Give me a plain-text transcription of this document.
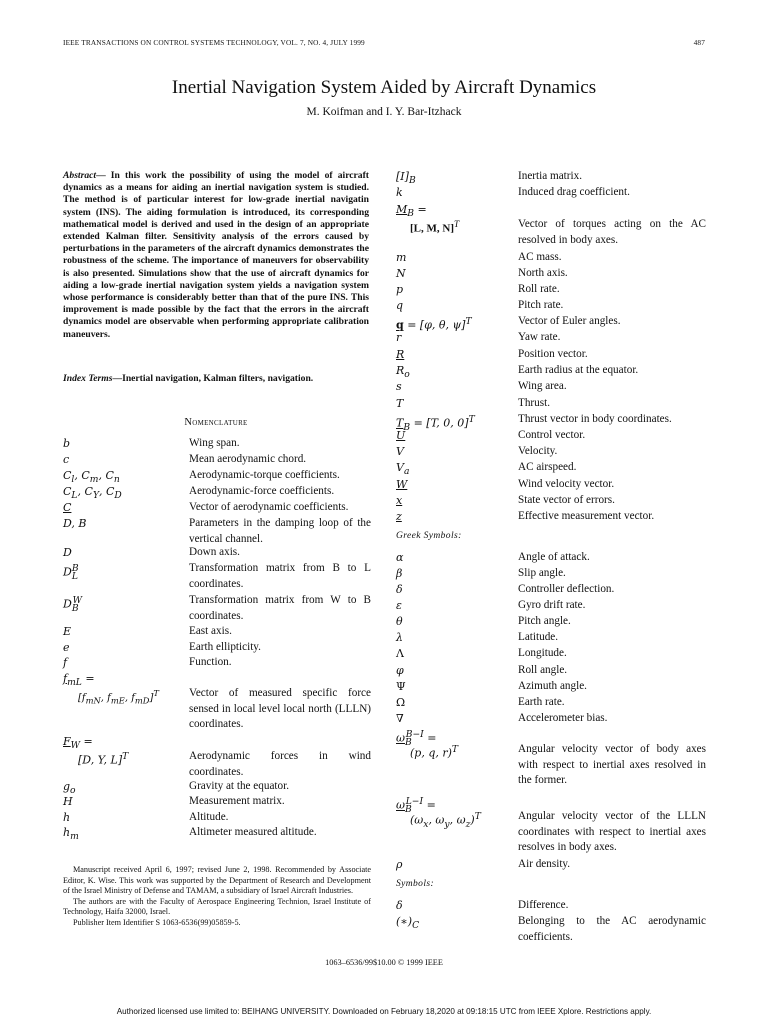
IEEE TRANSACTIONS ON CONTROL SYSTEMS TECHNOLOGY, VOL. 7, NO. 4, JULY 1999	487
Inertial Navigation System Aided by Aircraft Dynamics
M. Koifman and I. Y. Bar-Itzhack
Abstract— In this work the possibility of using the model of aircraft dynamics as a means for aiding an inertial navigation system is studied. The method is of particular interest for low-grade inertial navigatin system (INS). The aiding formulation is introduced, its corresponding mathematical model is derived and used in the design of an appropriate extended Kalman filter. Sensitivity analysis of the errors caused by perturbations in the parameters of the aircraft dynamics demonstrates the robustness of the scheme. The importance of maneuvers for observability is also presented. Simulations show that the use of aircraft dynamics for aiding a low-grade inertial navigation system yields a navigation system whose performance is considerably better than that of the pure INS. This improvement is made possible by the fact that the errors in the aircraft dynamics model are observable when performing appropriate calibration maneuvers.
Index Terms—Inertial navigation, Kalman filters, navigation.
Nomenclature
b	Wing span.
c	Mean aerodynamic chord.
$C_l$, $C_m$, $C_n$	Aerodynamic-torque coefficients.
$C_L$, $C_Y$, $C_D$	Aerodynamic-force coefficients.
C	Vector of aerodynamic coefficients.
D, B	Parameters in the damping loop of the vertical channel.
D	Down axis.
$D_L^B$	Transformation matrix from B to L coordinates.
$D_B^W$	Transformation matrix from W to B coordinates.
E	East axis.
e	Earth ellipticity.
f	Function.
$f_{mL}$ =
[$f_{mN}$, $f_{mE}$, $f_{mD}]^T$	Vector of measured specific force sensed in local level local north (LLLN) coordinates.
$F_W$ =
[D, Y, L]$^T$	Aerodynamic forces in wind coordinates.
$g_o$	Gravity at the equator.
H	Measurement matrix.
h	Altitude.
$h_m$	Altimeter measured altitude.

Manuscript received April 6, 1997; revised June 2, 1998. Recommended by Associate Editor, K. Wise. This work was supported by the Department of Research and Development of the Israel Ministry of Defense and TAMAM, a subsidiary of Israel Aircraft Industries.

The authors are with the Faculty of Aerospace Engineering Technion, Israel Institute of Technology, Haifa 32000, Israel.

Publisher Item Identifier S 1063-6536(99)05859-5.

$[I]_B$	Inertia matrix.
k	Induced drag coefficient.
$M_B$ =
[L, M, N]$^T$	Vector of torques acting on the AC resolved in body axes.
m	AC mass.
N	North axis.
p	Roll rate.
q	Pitch rate.
q = [φ, θ, ψ]$^T$	Vector of Euler angles.
r	Yaw rate.
R	Position vector.
$R_o$	Earth radius at the equator.
s	Wing area.
T	Thrust.
$T_B = [T$, 0, 0]$^T$	Thrust vector in body coordinates.
U	Control vector.
V	Velocity.
$V_a$	AC airspeed.
W	Wind velocity vector.
x	State vector of errors.
z	Effective measurement vector.
Greek Symbols:
α	Angle of attack.
β	Slip angle.
δ	Controller deflection.
ε	Gyro drift rate.
θ	Pitch angle.
λ	Latitude.
Λ	Longitude.
φ	Roll angle.
Ψ	Azimuth angle.
Ω	Earth rate.
∇	Accelerometer bias.
$\omega_B^{B-I}$ =
(p, q, r)$^T$	Angular velocity vector of body axes with respect to inertial axes resolved in the former.
$\omega_B^{L-I}$ =
($\omega_x$, $\omega_y$, $\omega_z)^T$	Angular velocity vector of the LLLN coordinates with respect to inertial axes resolves in body axes.
ρ	Air density.
Symbols:
δ	Difference.
$(∗)_C$	Belonging to the AC aerodynamic coefficients.
1063–6536/99$10.00 © 1999 IEEE
Authorized licensed use limited to: BEIHANG UNIVERSITY. Downloaded on February 18,2020 at 09:18:15 UTC from IEEE Xplore. Restrictions apply.
